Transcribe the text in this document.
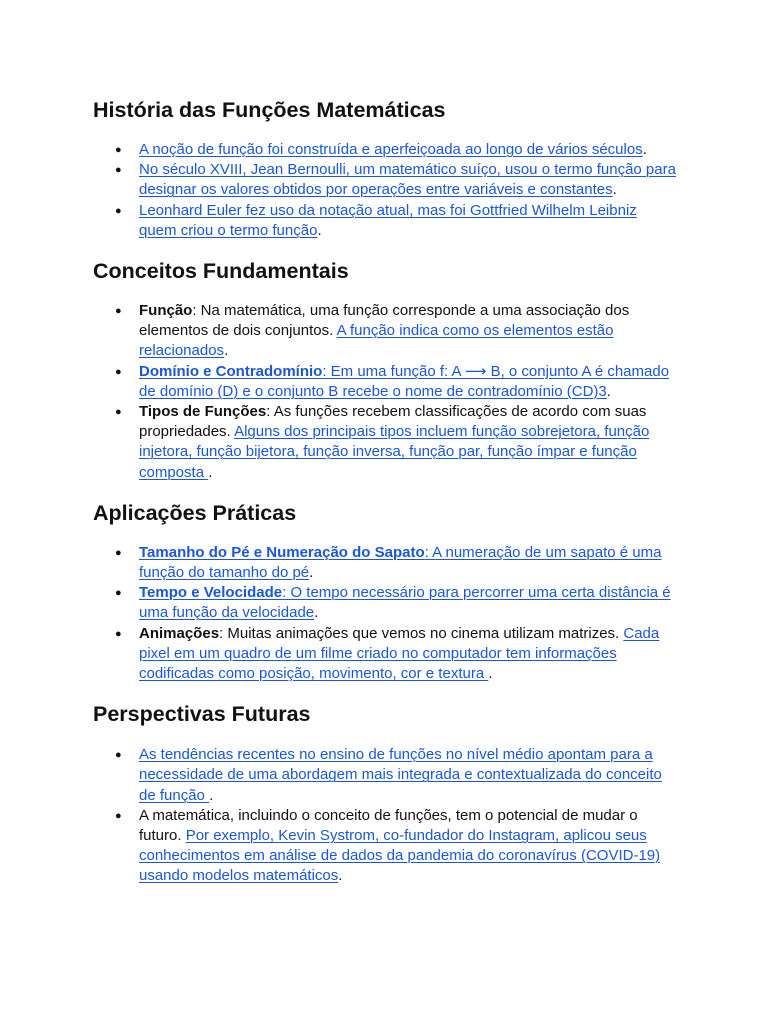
História das Funções Matemáticas
● A noção de função foi construída e aperfeiçoada ao longo de vários séculos.
● No século XVIII, Jean Bernoulli, um matemático suíço, usou o termo função para designar os valores obtidos por operações entre variáveis e constantes.
● Leonhard Euler fez uso da notação atual, mas foi Gottfried Wilhelm Leibniz quem criou o termo função.
Conceitos Fundamentais
● Função: Na matemática, uma função corresponde a uma associação dos elementos de dois conjuntos. A função indica como os elementos estão relacionados.
● Domínio e Contradomínio: Em uma função f: A ⟶ B, o conjunto A é chamado de domínio (D) e o conjunto B recebe o nome de contradomínio (CD)3.
● Tipos de Funções: As funções recebem classificações de acordo com suas propriedades. Alguns dos principais tipos incluem função sobrejetora, função injetora, função bijetora, função inversa, função par, função ímpar e função composta .
Aplicações Práticas
● Tamanho do Pé e Numeração do Sapato: A numeração de um sapato é uma função do tamanho do pé.
● Tempo e Velocidade: O tempo necessário para percorrer uma certa distância é uma função da velocidade.
● Animações: Muitas animações que vemos no cinema utilizam matrizes. Cada pixel em um quadro de um filme criado no computador tem informações codificadas como posição, movimento, cor e textura .
Perspectivas Futuras
● As tendências recentes no ensino de funções no nível médio apontam para a necessidade de uma abordagem mais integrada e contextualizada do conceito de função .
● A matemática, incluindo o conceito de funções, tem o potencial de mudar o futuro. Por exemplo, Kevin Systrom, co-fundador do Instagram, aplicou seus conhecimentos em análise de dados da pandemia do coronavírus (COVID-19) usando modelos matemáticos.
